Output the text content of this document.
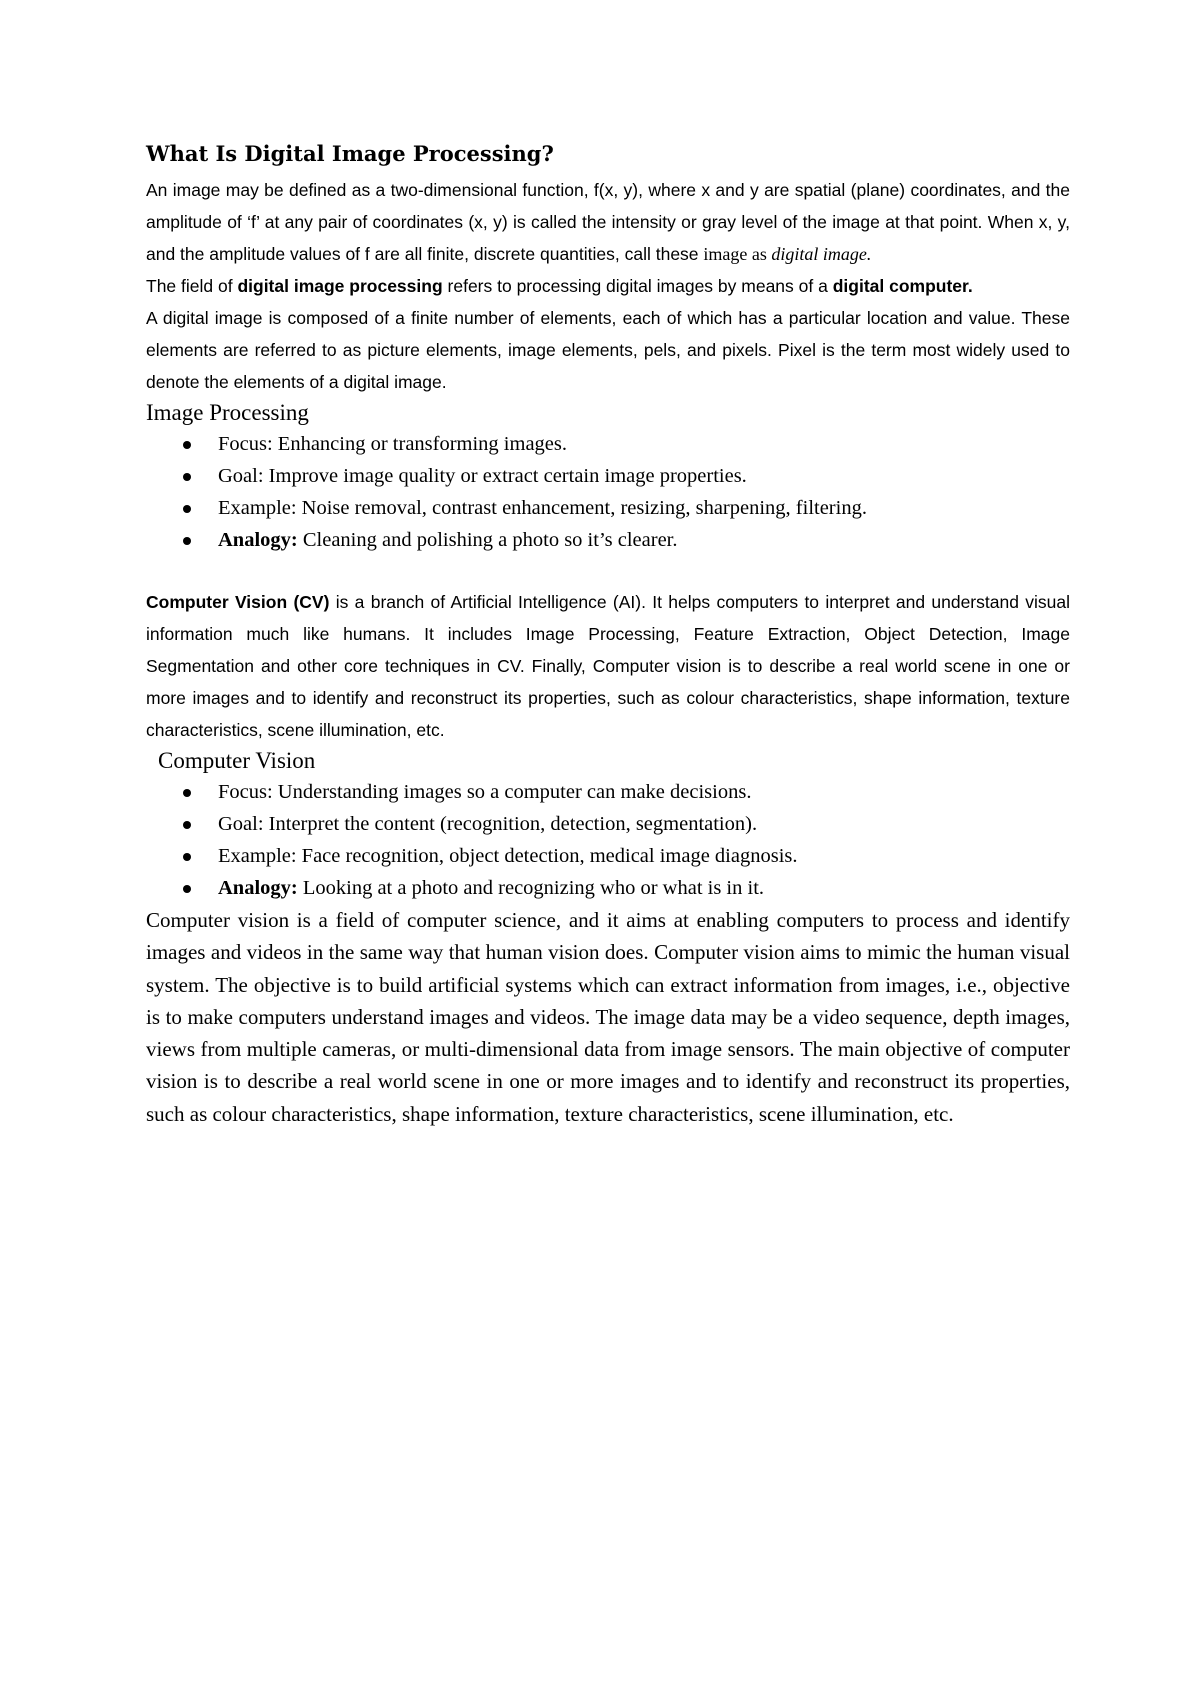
What Is Digital Image Processing?

An image may be defined as a two-dimensional function, f(x, y), where x and y are spatial (plane) coordinates, and the amplitude of ‘f’ at any pair of coordinates (x, y) is called the intensity or gray level of the image at that point. When x, y, and the amplitude values of f are all finite, discrete quantities, call these image as digital image.

The field of digital image processing refers to processing digital images by means of a digital computer.

A digital image is composed of a finite number of elements, each of which has a particular location and value. These elements are referred to as picture elements, image elements, pels, and pixels. Pixel is the term most widely used to denote the elements of a digital image.

Image Processing
Focus: Enhancing or transforming images.
Goal: Improve image quality or extract certain image properties.
Example: Noise removal, contrast enhancement, resizing, sharpening, filtering.
Analogy: Cleaning and polishing a photo so it’s clearer.

Computer Vision (CV) is a branch of Artificial Intelligence (AI). It helps computers to interpret and understand visual information much like humans. It includes Image Processing, Feature Extraction, Object Detection, Image Segmentation and other core techniques in CV. Finally, Computer vision is to describe a real world scene in one or more images and to identify and reconstruct its properties, such as colour characteristics, shape information, texture characteristics, scene illumination, etc.

Computer Vision
Focus: Understanding images so a computer can make decisions.
Goal: Interpret the content (recognition, detection, segmentation).
Example: Face recognition, object detection, medical image diagnosis.
Analogy: Looking at a photo and recognizing who or what is in it.

Computer vision is a field of computer science, and it aims at enabling computers to process and identify images and videos in the same way that human vision does. Computer vision aims to mimic the human visual system. The objective is to build artificial systems which can extract information from images, i.e., objective is to make computers understand images and videos. The image data may be a video sequence, depth images, views from multiple cameras, or multi-dimensional data from image sensors. The main objective of computer vision is to describe a real world scene in one or more images and to identify and reconstruct its properties, such as colour characteristics, shape information, texture characteristics, scene illumination, etc.
